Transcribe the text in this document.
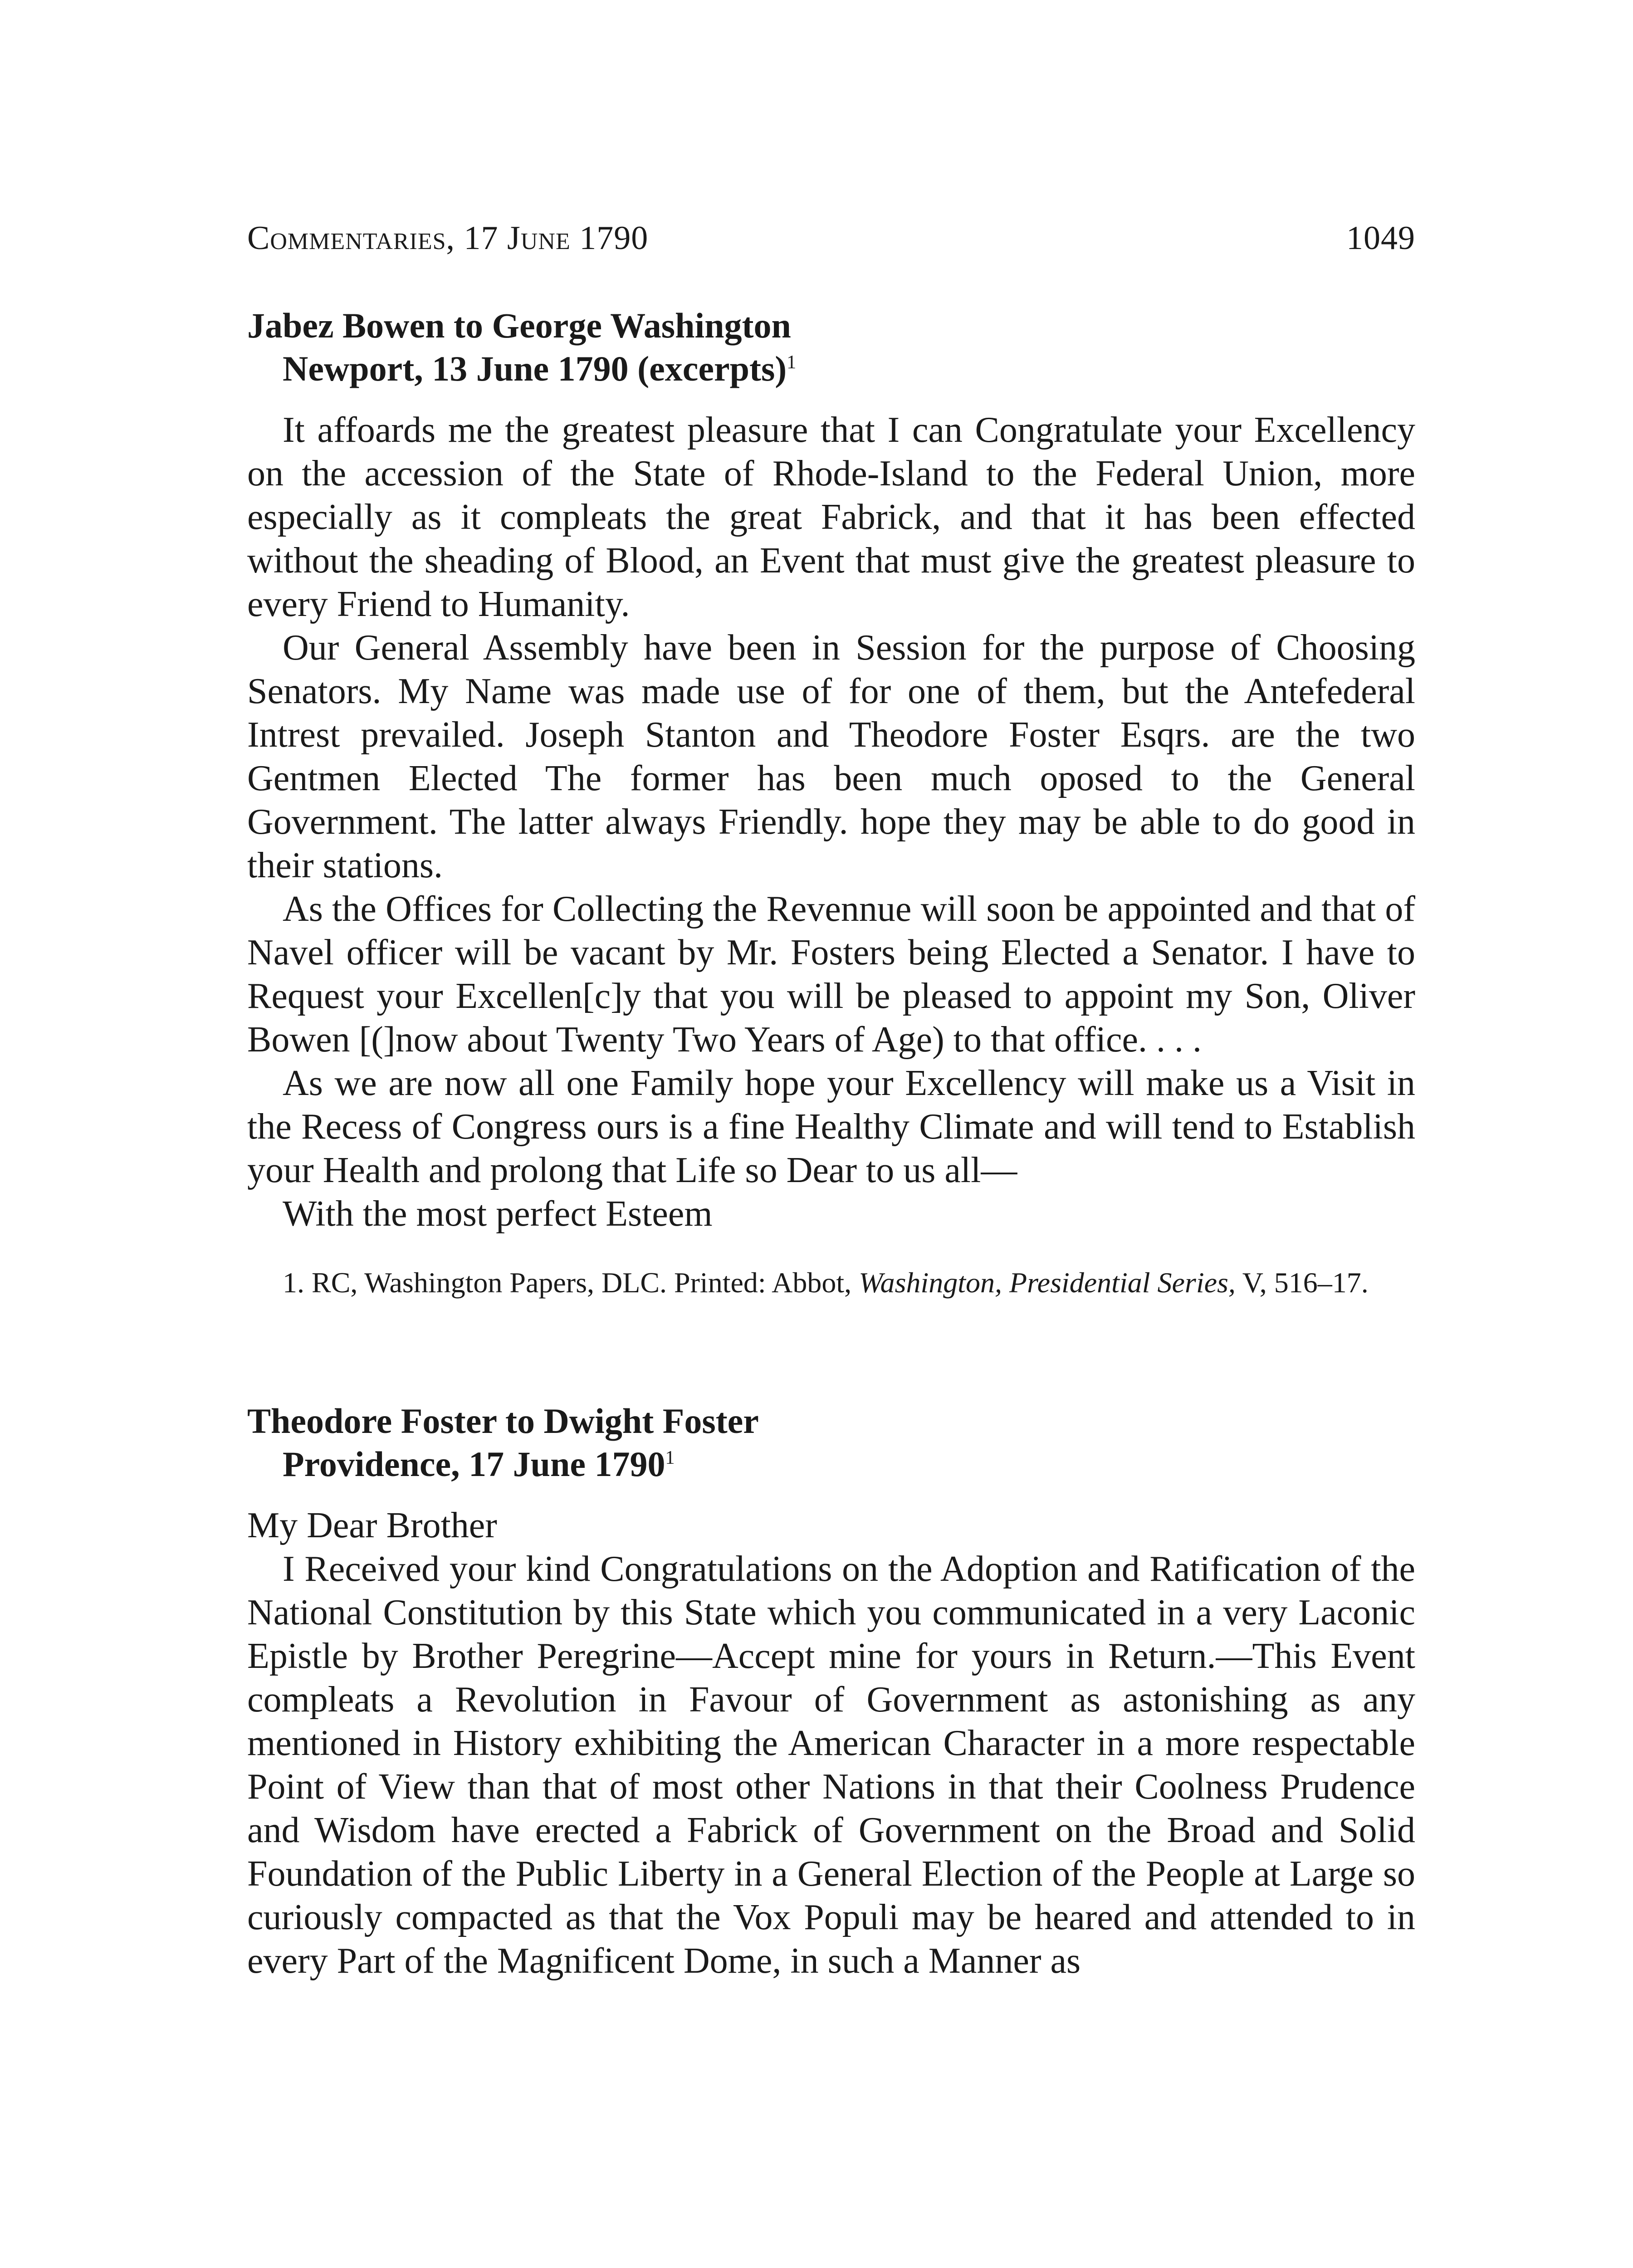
Commentaries, 17 June 1790	1049
Jabez Bowen to George Washington
Newport, 13 June 1790 (excerpts)$^1$

It affoards me the greatest pleasure that I can Congratulate your Excellency on the accession of the State of Rhode-Island to the Federal Union, more especially as it compleats the great Fabrick, and that it has been effected without the sheading of Blood, an Event that must give the greatest pleasure to every Friend to Humanity.

Our General Assembly have been in Session for the purpose of Choosing Senators. My Name was made use of for one of them, but the Antefederal Intrest prevailed. Joseph Stanton and Theodore Foster Esqrs. are the two Gentmen Elected The former has been much oposed to the General Government. The latter always Friendly. hope they may be able to do good in their stations.

As the Offices for Collecting the Revennue will soon be appointed and that of Navel officer will be vacant by Mr. Fosters being Elected a Senator. I have to Request your Excellen[c]y that you will be pleased to appoint my Son, Oliver Bowen [(]now about Twenty Two Years of Age) to that office. . . .

As we are now all one Family hope your Excellency will make us a Visit in the Recess of Congress ours is a fine Healthy Climate and will tend to Establish your Health and prolong that Life so Dear to us all—

With the most perfect Esteem

1. RC, Washington Papers, DLC. Printed: Abbot, Washington, Presidential Series, V, 516–17.
Theodore Foster to Dwight Foster
Providence, 17 June 1790$^1$

My Dear Brother

I Received your kind Congratulations on the Adoption and Ratification of the National Constitution by this State which you communicated in a very Laconic Epistle by Brother Peregrine—Accept mine for yours in Return.—This Event compleats a Revolution in Favour of Government as astonishing as any mentioned in History exhibiting the American Character in a more respectable Point of View than that of most other Nations in that their Coolness Prudence and Wisdom have erected a Fabrick of Government on the Broad and Solid Foundation of the Public Liberty in a General Election of the People at Large so curiously compacted as that the Vox Populi may be heared and attended to in every Part of the Magnificent Dome, in such a Manner as
